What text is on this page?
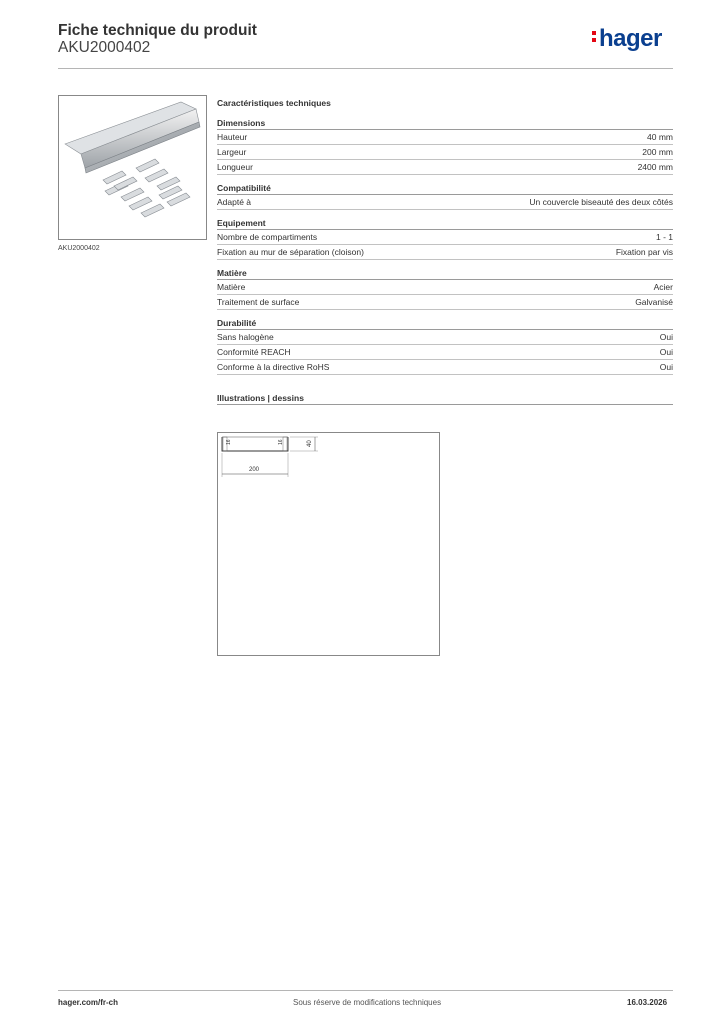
Fiche technique du produit
AKU2000402	hager
AKU2000402
Caractéristiques techniques
Dimensions
Hauteur	40 mm
Largeur	200 mm
Longueur	2400 mm
Compatibilité
Adapté à	Un couvercle biseauté des deux côtés
Equipement
Nombre de compartiments	1 - 1
Fixation au mur de séparation (cloison)	Fixation par vis
Matière
Matière	Acier
Traitement de surface	Galvanisé
Durabilité
Sans halogène	Oui
Conformité REACH	Oui
Conforme à la directive RoHS	Oui
Illustrations | dessins
40
16	16
200
hager.com/fr-ch	Sous réserve de modifications techniques	16.03.2026
